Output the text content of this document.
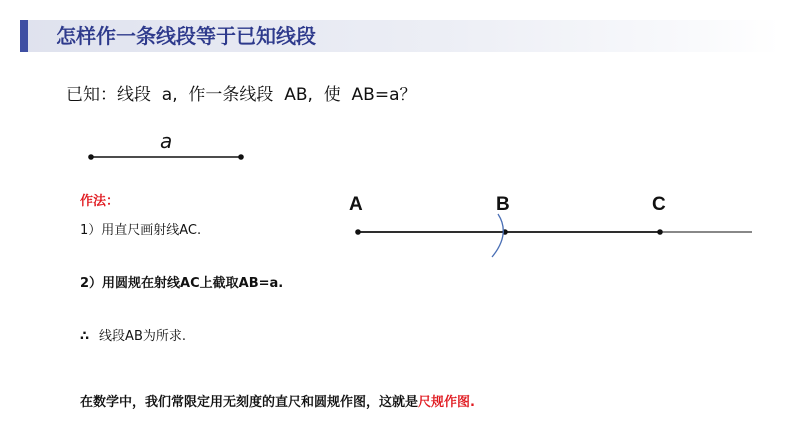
怎样作一条线段等于已知线段
已知：线段  a,  作一条线段  AB,  使  AB=a？
a
作法：
1）用直尺画射线AC.
2）用圆规在射线AC上截取AB=a.
∴ 线段AB为所求.
在数学中，我们常限定用无刻度的直尺和圆规作图，这就是尺规作图.
A	B	C
